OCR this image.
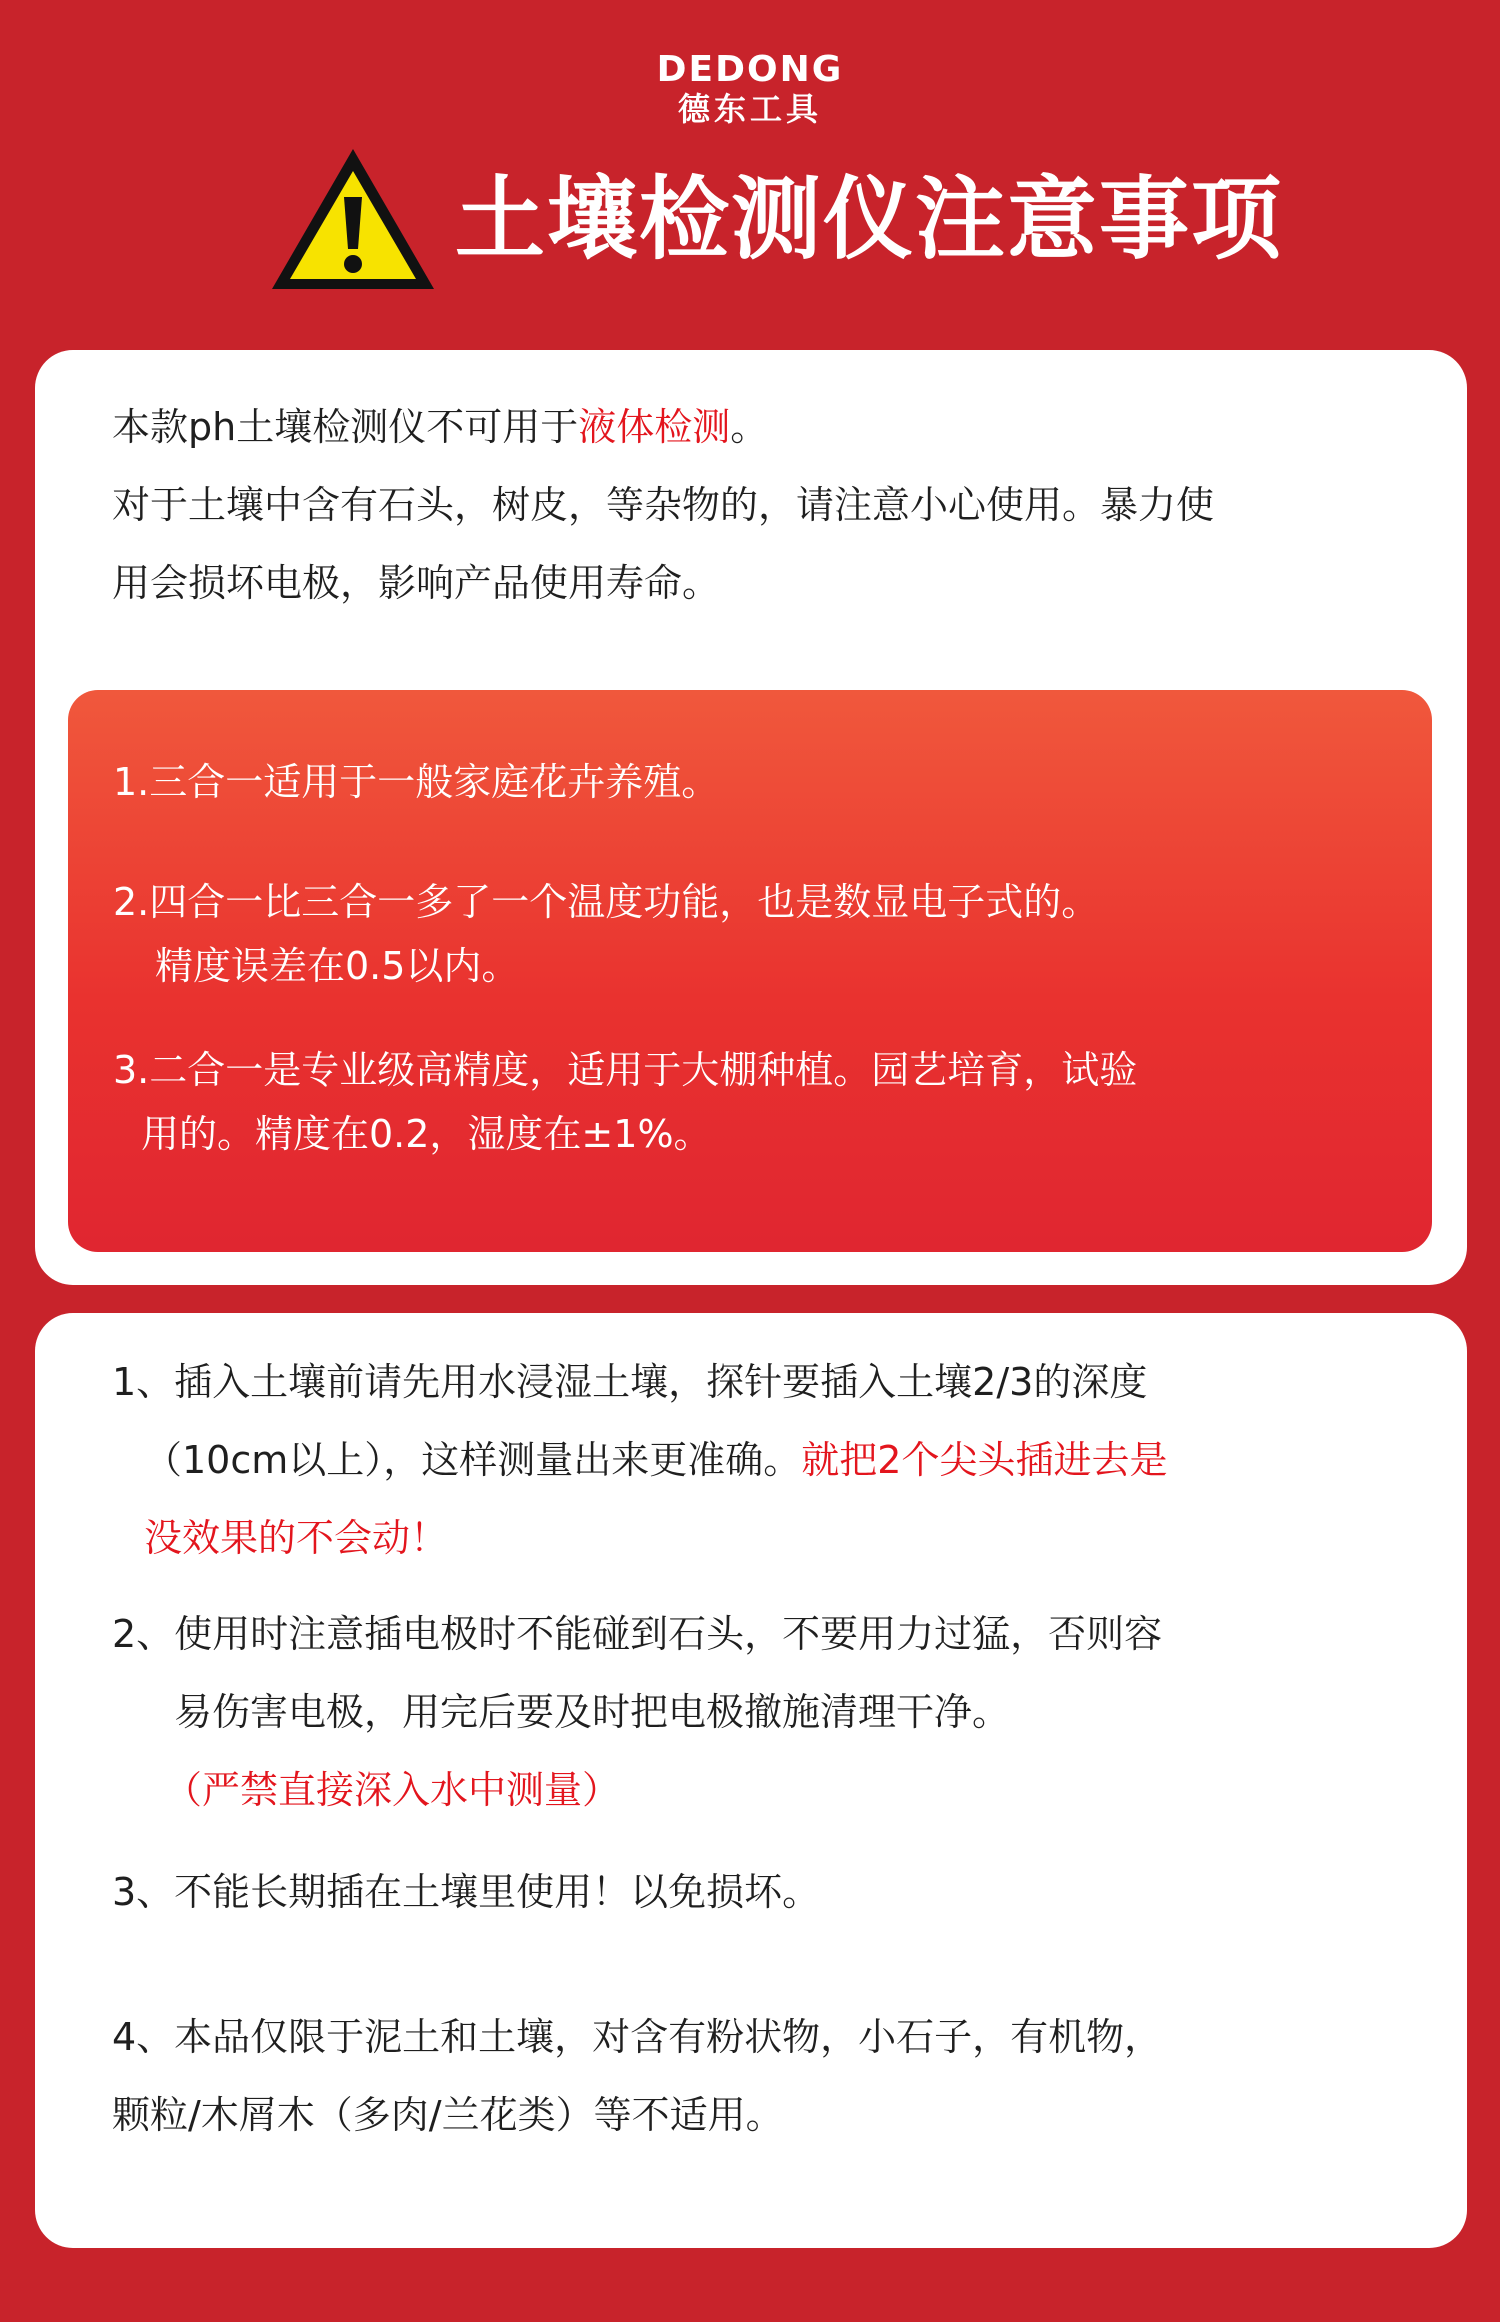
DEDONG
德东工具
土壤检测仪注意事项
本款ph土壤检测仪不可用于液体检测。
对于土壤中含有石头，树皮，等杂物的，请注意小心使用。暴力使
用会损坏电极，影响产品使用寿命。
1.三合一适用于一般家庭花卉养殖。
2.四合一比三合一多了一个温度功能，也是数显电子式的。
精度误差在0.5以内。
3.二合一是专业级高精度，适用于大棚种植。园艺培育，试验
用的。精度在0.2，湿度在±1%。
1、插入土壤前请先用水浸湿土壤，探针要插入土壤2/3的深度
（10cm以上），这样测量出来更准确。就把2个尖头插进去是
没效果的不会动！
2、使用时注意插电极时不能碰到石头，不要用力过猛，否则容
易伤害电极，用完后要及时把电极撤施清理干净。
（严禁直接深入水中测量）
3、不能长期插在土壤里使用！以免损坏。
4、本品仅限于泥土和土壤，对含有粉状物，小石子，有机物，
颗粒/木屑木（多肉/兰花类）等不适用。
